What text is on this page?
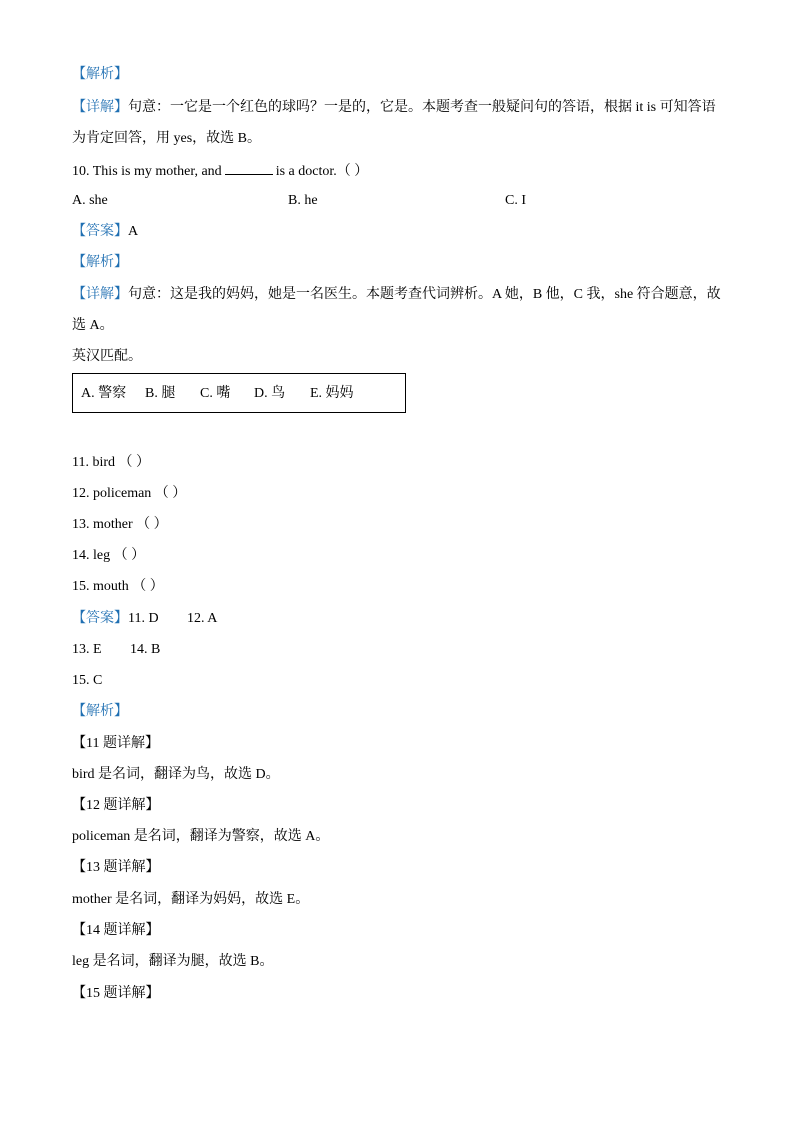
【解析】
【详解】句意：一它是一个红色的球吗？一是的，它是。本题考查一般疑问句的答语，根据 it is 可知答语
为肯定回答，用 yes，故选 B。
10. This is my mother, and	is a doctor.（ ）
A. she	B. he	C. I
【答案】A
【解析】
【详解】句意：这是我的妈妈，她是一名医生。本题考查代词辨析。A 她，B 他，C 我，she 符合题意，故
选 A。
英汉匹配。
A. 警察 B. 腿 C. 嘴 D. 鸟 E. 妈妈
11. bird （ ）
12. policeman （ ）
13. mother （ ）
14. leg （ ）
15. mouth （ ）
【答案】 11. D 12. A
13. E 14. B
15. C
【解析】
【11 题详解】
bird 是名词，翻译为鸟，故选 D。
【12 题详解】
policeman 是名词，翻译为警察，故选 A。
【13 题详解】
mother 是名词，翻译为妈妈，故选 E。
【14 题详解】
leg 是名词，翻译为腿，故选 B。
【15 题详解】
